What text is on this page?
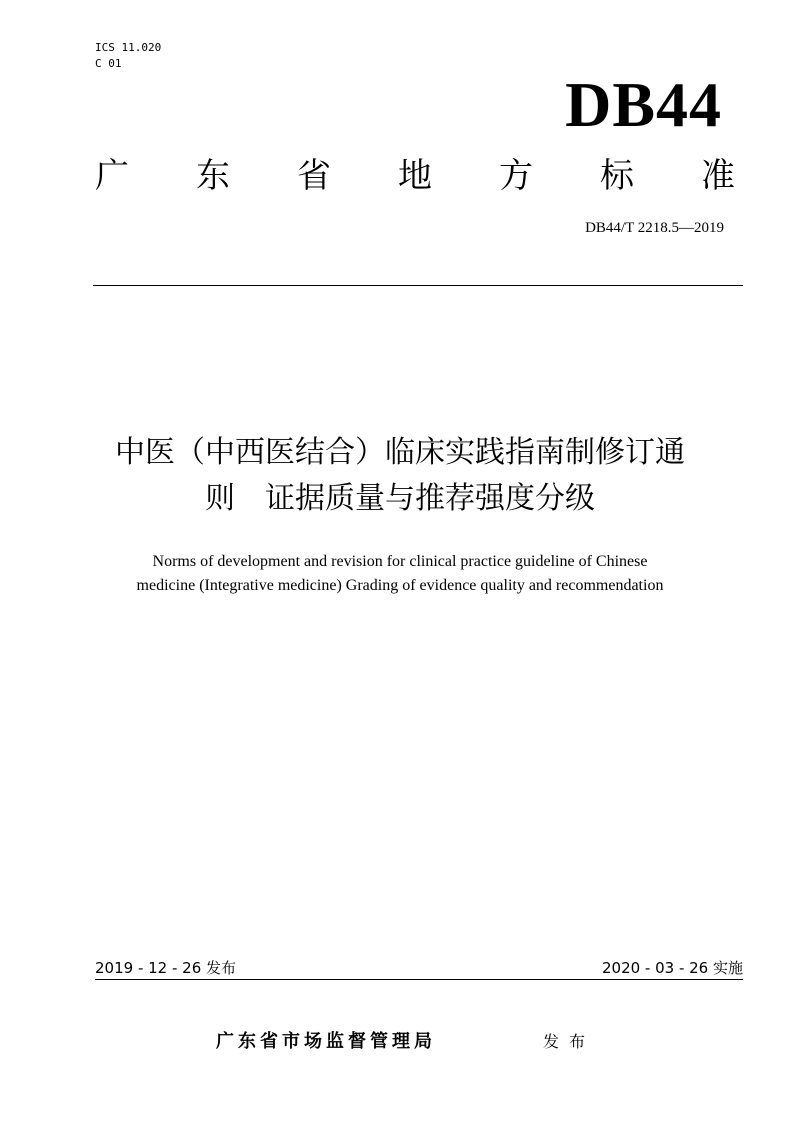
ICS 11.020
C 01
DB44
广 东 省 地 方 标 准
DB44/T 2218.5—2019
中医（中西医结合）临床实践指南制修订通
则　证据质量与推荐强度分级
Norms of development and revision for clinical practice guideline of Chinese
medicine (Integrative medicine) Grading of evidence quality and recommendation
2019 - 12 - 26 发布	2020 - 03 - 26 实施
广东省市场监督管理局	发布
